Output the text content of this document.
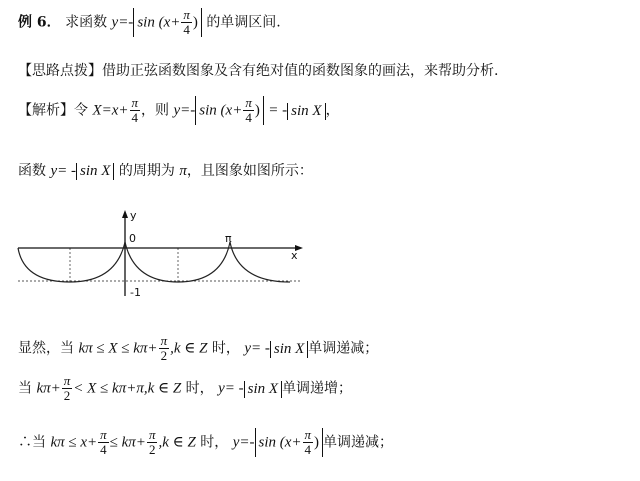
例 6． 求函数 y=- $\sin (x+ \frac{\pi}{4}$ ) 的单调区间.
【思路点拨】借助正弦函数图象及含有绝对值的函数图象的画法，来帮助分析.
【解析】令 $X=x+ \frac{\pi}{4}$ ，则 y=- $\sin (x+ \frac{\pi}{4}$ ) = - sin X ，
函数 y= - sin X 的周期为 π，且图象如图所示：
y
x
0	π
-1
显然，当 $k\pi \le X \le k\pi+ \frac{\pi}{2} ,k$ ∈ Z 时， y= - sin X 单调递减；
当 $k\pi+ \frac{\pi}{2} < X \le k\pi+\pi,k$ ∈ Z 时， y= - sin X 单调递增；
∴当 $k\pi \le x+ \frac{\pi}{4} \le k\pi+ \frac{\pi}{2} ,k$ ∈ Z 时， y=- $\sin (x+ \frac{\pi}{4}$ ) 单调递减；
